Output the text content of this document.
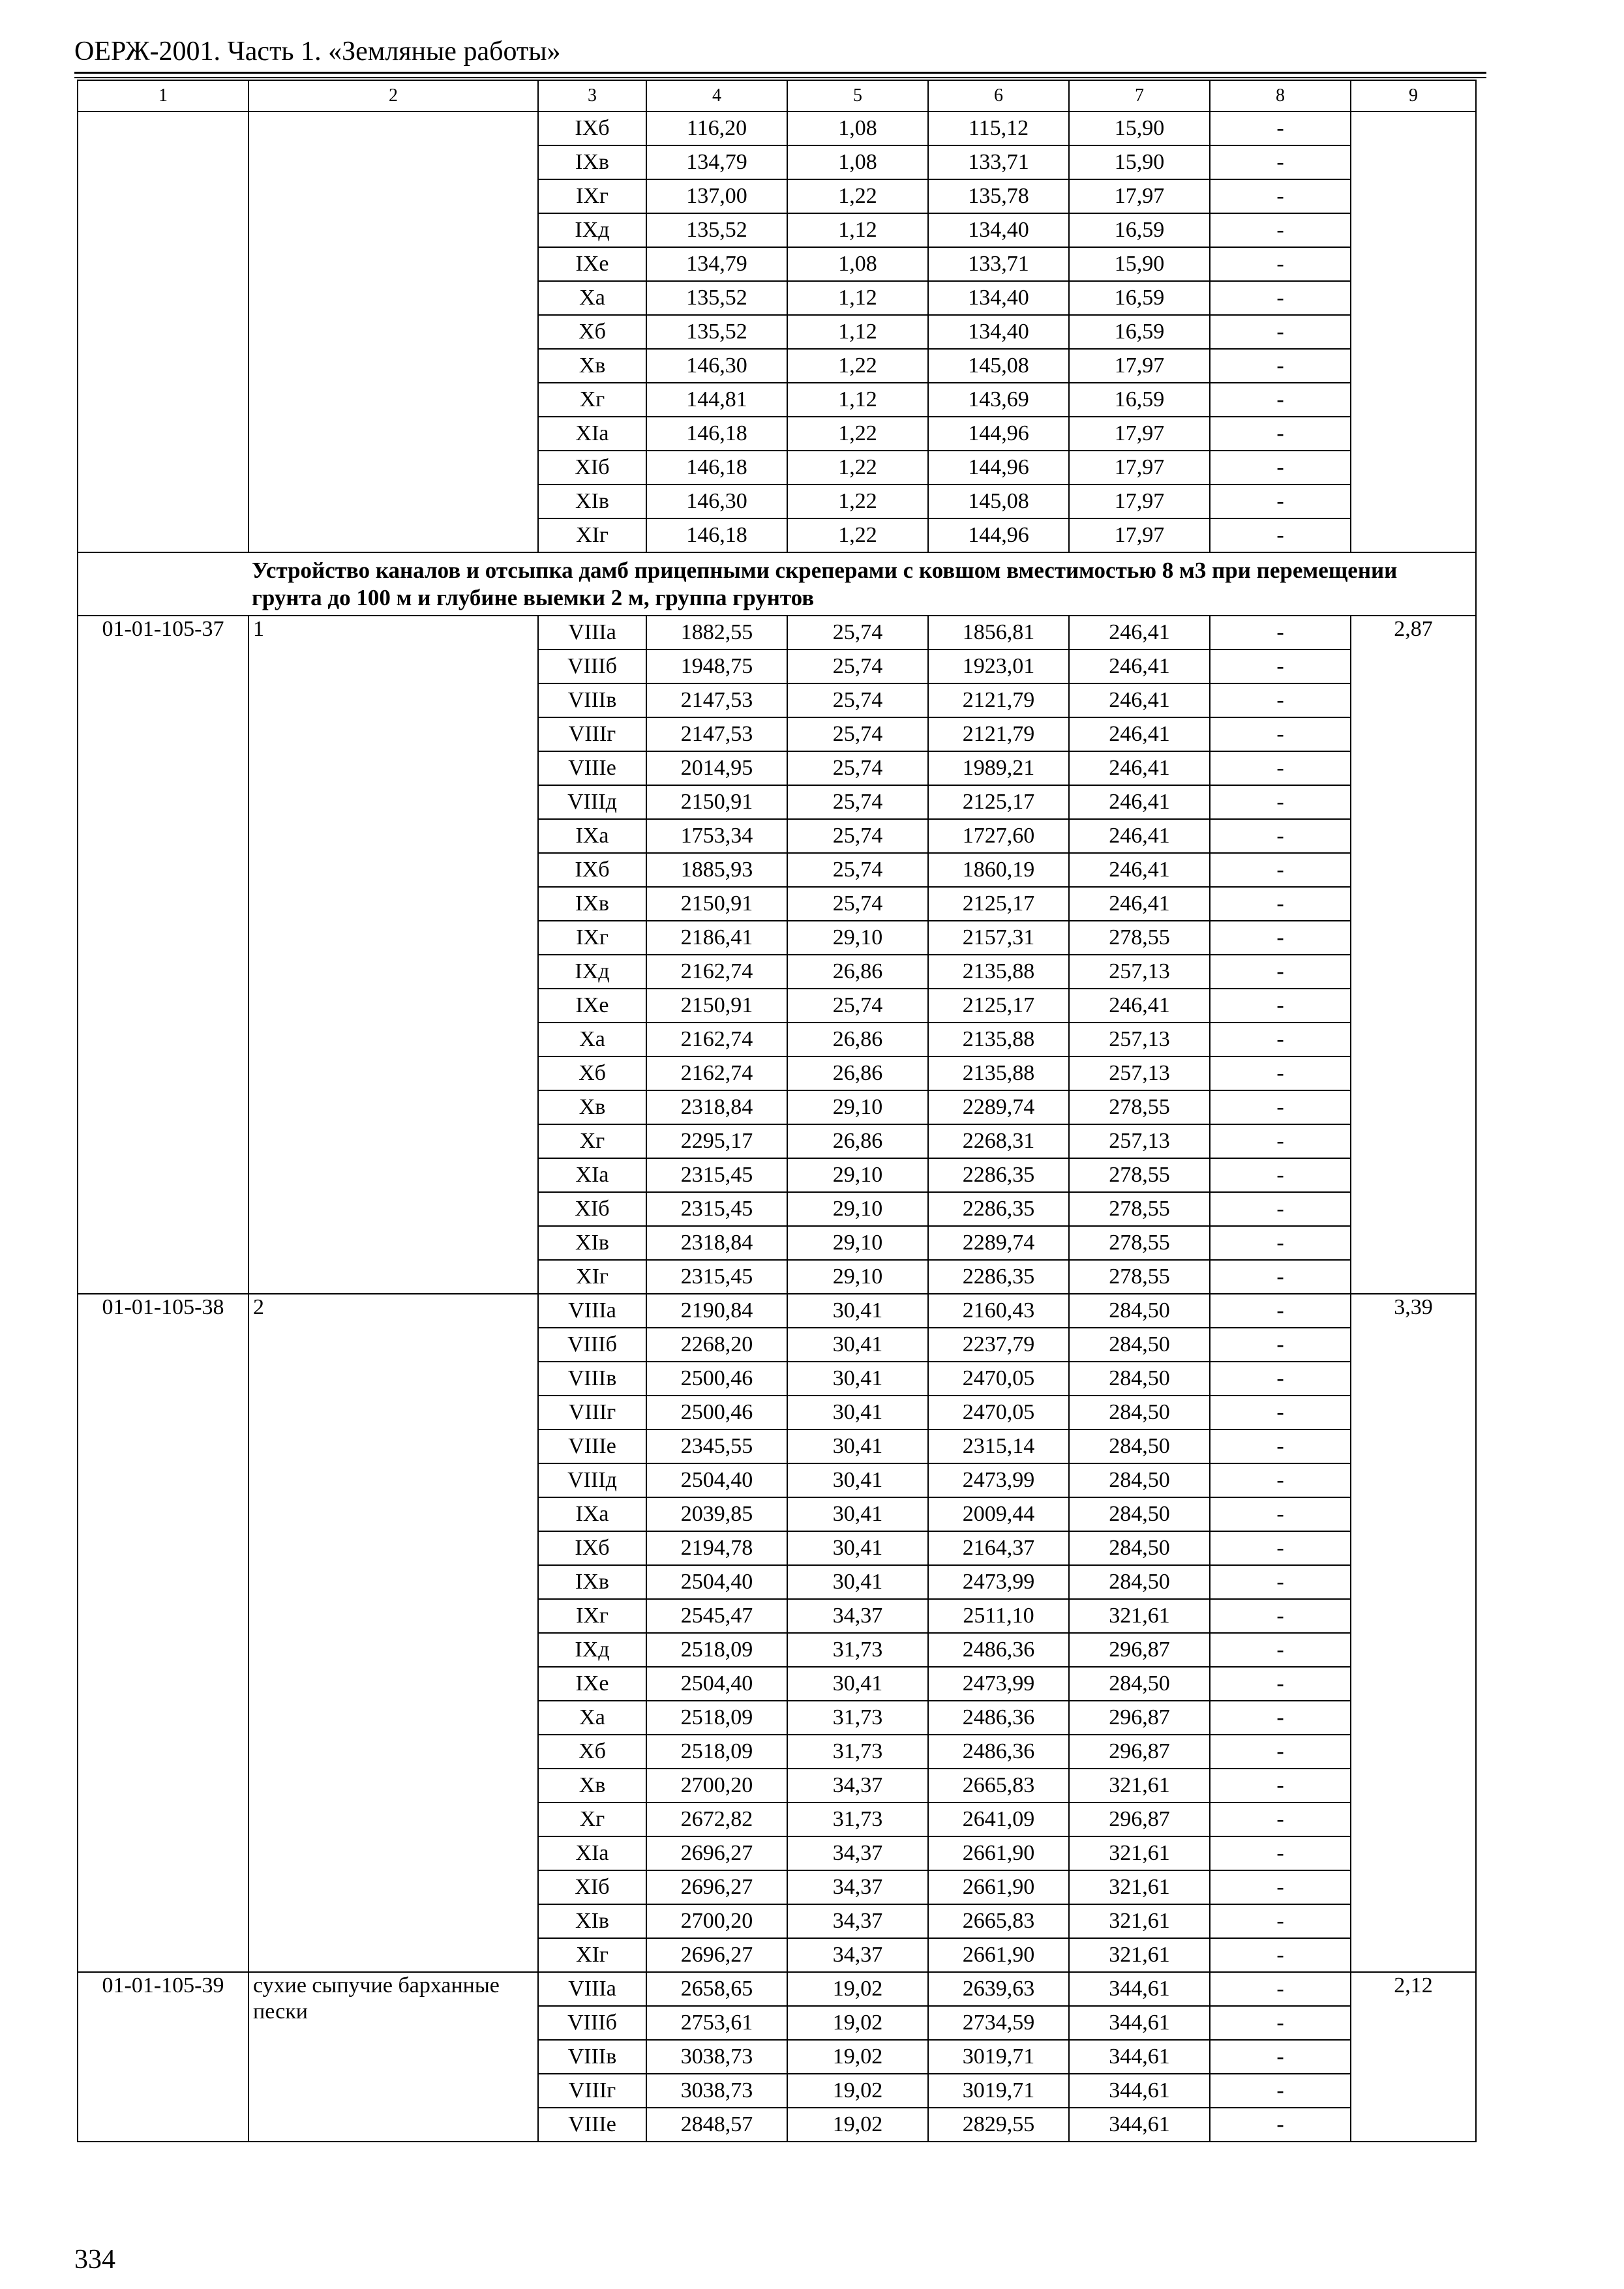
ОЕРЖ-2001. Часть 1. «Земляные работы»
1	2	3	4	5	6	7	8	9
		IXб	116,20	1,08	115,12	15,90	-	
		IXв	134,79	1,08	133,71	15,90	-	
		IXг	137,00	1,22	135,78	17,97	-	
		IXд	135,52	1,12	134,40	16,59	-	
		IXе	134,79	1,08	133,71	15,90	-	
		Xа	135,52	1,12	134,40	16,59	-	
		Xб	135,52	1,12	134,40	16,59	-	
		Xв	146,30	1,22	145,08	17,97	-	
		Xг	144,81	1,12	143,69	16,59	-	
		XIа	146,18	1,22	144,96	17,97	-	
		XIб	146,18	1,22	144,96	17,97	-	
		XIв	146,30	1,22	145,08	17,97	-	
		XIг	146,18	1,22	144,96	17,97	-	
Устройство каналов и отсыпка дамб прицепными скреперами с ковшом вместимостью 8 м3 при перемещении грунта до 100 м и глубине выемки 2 м, группа грунтов								
01-01-105-37	1	VIIIа	1882,55	25,74	1856,81	246,41	-	2,87
		VIIIб	1948,75	25,74	1923,01	246,41	-	
		VIIIв	2147,53	25,74	2121,79	246,41	-	
		VIIIг	2147,53	25,74	2121,79	246,41	-	
		VIIIе	2014,95	25,74	1989,21	246,41	-	
		VIIIд	2150,91	25,74	2125,17	246,41	-	
		IXа	1753,34	25,74	1727,60	246,41	-	
		IXб	1885,93	25,74	1860,19	246,41	-	
		IXв	2150,91	25,74	2125,17	246,41	-	
		IXг	2186,41	29,10	2157,31	278,55	-	
		IXд	2162,74	26,86	2135,88	257,13	-	
		IXе	2150,91	25,74	2125,17	246,41	-	
		Xа	2162,74	26,86	2135,88	257,13	-	
		Xб	2162,74	26,86	2135,88	257,13	-	
		Xв	2318,84	29,10	2289,74	278,55	-	
		Xг	2295,17	26,86	2268,31	257,13	-	
		XIа	2315,45	29,10	2286,35	278,55	-	
		XIб	2315,45	29,10	2286,35	278,55	-	
		XIв	2318,84	29,10	2289,74	278,55	-	
		XIг	2315,45	29,10	2286,35	278,55	-	
01-01-105-38	2	VIIIа	2190,84	30,41	2160,43	284,50	-	3,39
		VIIIб	2268,20	30,41	2237,79	284,50	-	
		VIIIв	2500,46	30,41	2470,05	284,50	-	
		VIIIг	2500,46	30,41	2470,05	284,50	-	
		VIIIе	2345,55	30,41	2315,14	284,50	-	
		VIIIд	2504,40	30,41	2473,99	284,50	-	
		IXа	2039,85	30,41	2009,44	284,50	-	
		IXб	2194,78	30,41	2164,37	284,50	-	
		IXв	2504,40	30,41	2473,99	284,50	-	
		IXг	2545,47	34,37	2511,10	321,61	-	
		IXд	2518,09	31,73	2486,36	296,87	-	
		IXе	2504,40	30,41	2473,99	284,50	-	
		Xа	2518,09	31,73	2486,36	296,87	-	
		Xб	2518,09	31,73	2486,36	296,87	-	
		Xв	2700,20	34,37	2665,83	321,61	-	
		Xг	2672,82	31,73	2641,09	296,87	-	
		XIа	2696,27	34,37	2661,90	321,61	-	
		XIб	2696,27	34,37	2661,90	321,61	-	
		XIв	2700,20	34,37	2665,83	321,61	-	
		XIг	2696,27	34,37	2661,90	321,61	-	
01-01-105-39	сухие сыпучие барханные пески	VIIIа	2658,65	19,02	2639,63	344,61	-	2,12
		VIIIб	2753,61	19,02	2734,59	344,61	-	
		VIIIв	3038,73	19,02	3019,71	344,61	-	
		VIIIг	3038,73	19,02	3019,71	344,61	-	
		VIIIе	2848,57	19,02	2829,55	344,61	-	
334
